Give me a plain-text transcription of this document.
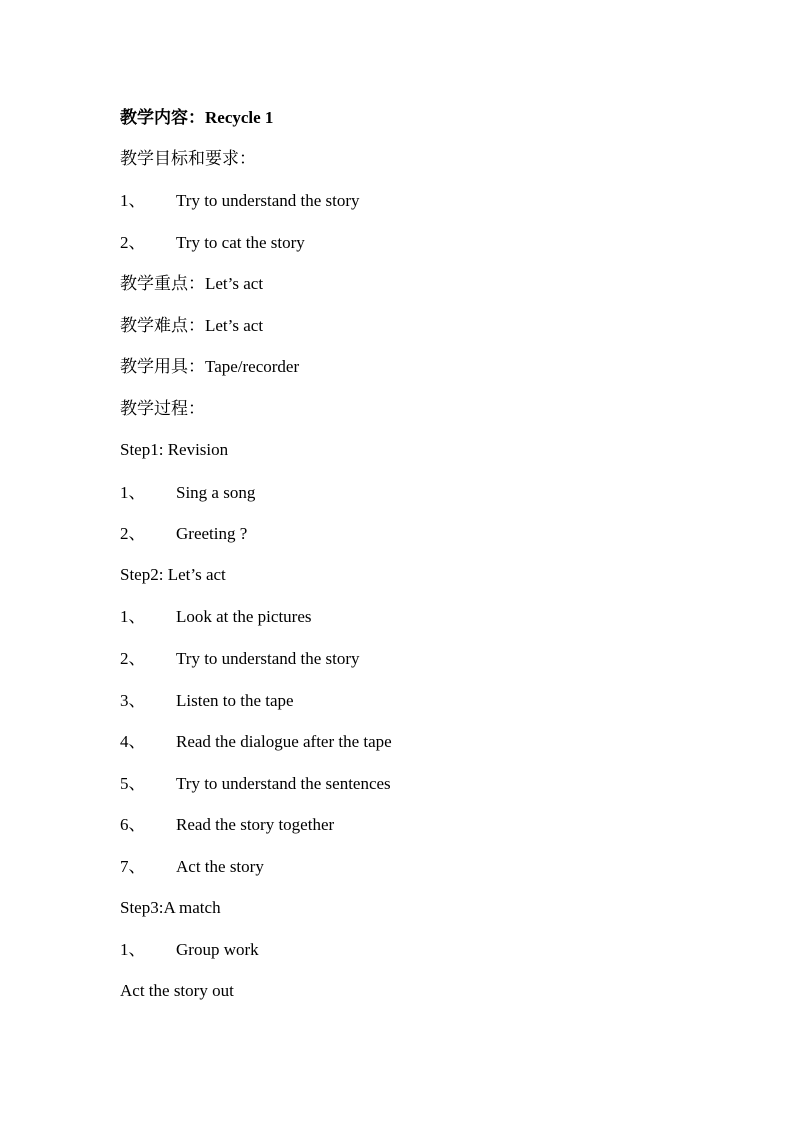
教学内容：Recycle 1
教学目标和要求：
1、 Try to understand the story
2、 Try to cat the story
教学重点：Let’s act
教学难点：Let’s act
教学用具：Tape/recorder
教学过程：
Step1: Revision
1、 Sing a song
2、 Greeting ?
Step2: Let’s act
1、 Look at the pictures
2、 Try to understand the story
3、 Listen to the tape
4、 Read the dialogue after the tape
5、 Try to understand the sentences
6、 Read the story together
7、 Act the story
Step3:A match
1、 Group work
Act the story out
